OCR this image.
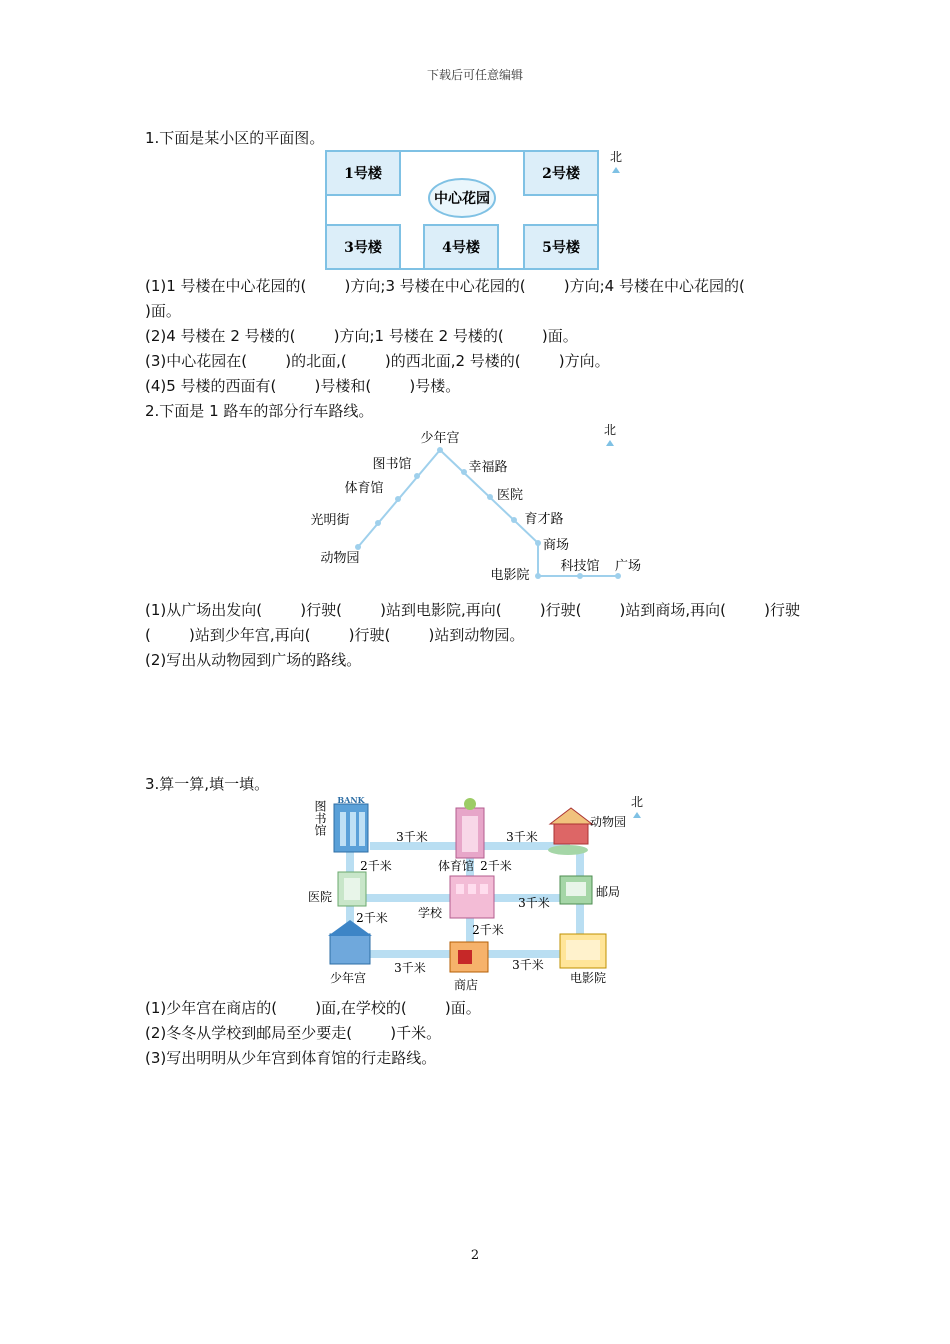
下载后可任意编辑
1.下面是某小区的平面图。
1号楼	2号楼
3号楼	4号楼	5号楼
中心花园
北
(1)1 号楼在中心花园的(        )方向;3 号楼在中心花园的(        )方向;4 号楼在中心花园的(
)面。
(2)4 号楼在 2 号楼的(        )方向;1 号楼在 2 号楼的(        )面。
(3)中心花园在(        )的北面,(        )的西北面,2 号楼的(        )方向。
(4)5 号楼的西面有(        )号楼和(        )号楼。
2.下面是 1 路车的部分行车路线。
少年宫
图书馆
体育馆
光明街
动物园
幸福路
医院
育才路
商场
电影院
科技馆 广场
北
(1)从广场出发向(        )行驶(        )站到电影院,再向(        )行驶(        )站到商场,再向(        )行驶
(        )站到少年宫,再向(        )行驶(        )站到动物园。
(2)写出从动物园到广场的路线。
3.算一算,填一填。
BANK
图书馆
体育馆
动物园
医院
学校
邮局
少年宫	商店	电影院
3千米	3千米
2千米	2千米
2千米
3千米
2千米
3千米	3千米
北
(1)少年宫在商店的(        )面,在学校的(        )面。
(2)冬冬从学校到邮局至少要走(        )千米。
(3)写出明明从少年宫到体育馆的行走路线。
2
